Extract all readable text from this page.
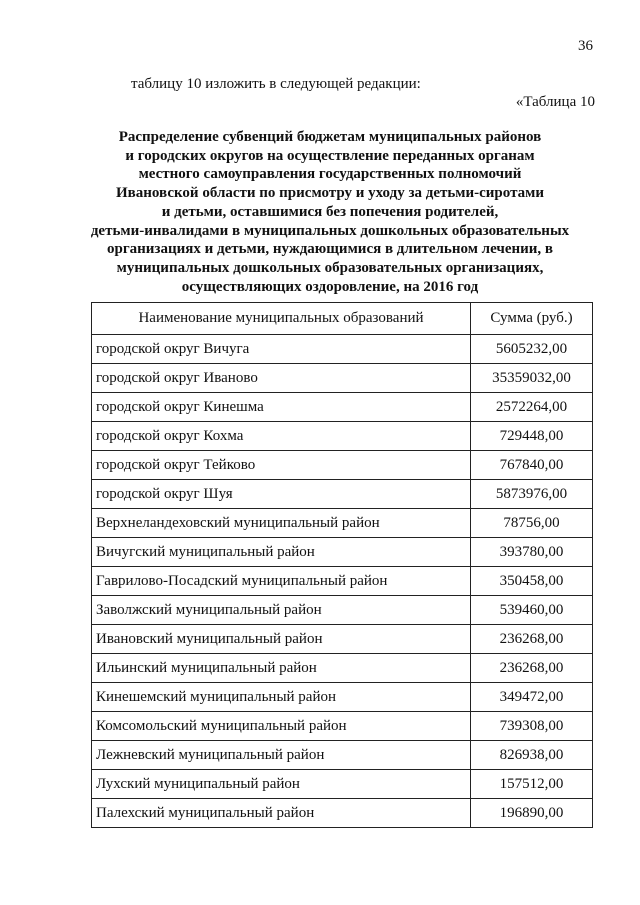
36
таблицу 10 изложить в следующей редакции:
«Таблица 10
Распределение субвенций бюджетам муниципальных районов
и городских округов на осуществление переданных органам
местного самоуправления государственных полномочий
Ивановской области по присмотру и уходу за детьми-сиротами
и детьми, оставшимися без попечения родителей,
детьми-инвалидами в муниципальных дошкольных образовательных
организациях и детьми, нуждающимися в длительном лечении, в
муниципальных дошкольных образовательных организациях,
осуществляющих оздоровление, на 2016 год
Наименование муниципальных образований	Сумма (руб.)
городской округ Вичуга	5605232,00
городской округ Иваново	35359032,00
городской округ Кинешма	2572264,00
городской округ Кохма	729448,00
городской округ Тейково	767840,00
городской округ Шуя	5873976,00
Верхнеландеховский муниципальный район	78756,00
Вичугский муниципальный район	393780,00
Гаврилово-Посадский муниципальный район	350458,00
Заволжский муниципальный район	539460,00
Ивановский муниципальный район	236268,00
Ильинский муниципальный район	236268,00
Кинешемский муниципальный район	349472,00
Комсомольский муниципальный район	739308,00
Лежневский муниципальный район	826938,00
Лухский муниципальный район	157512,00
Палехский муниципальный район	196890,00
